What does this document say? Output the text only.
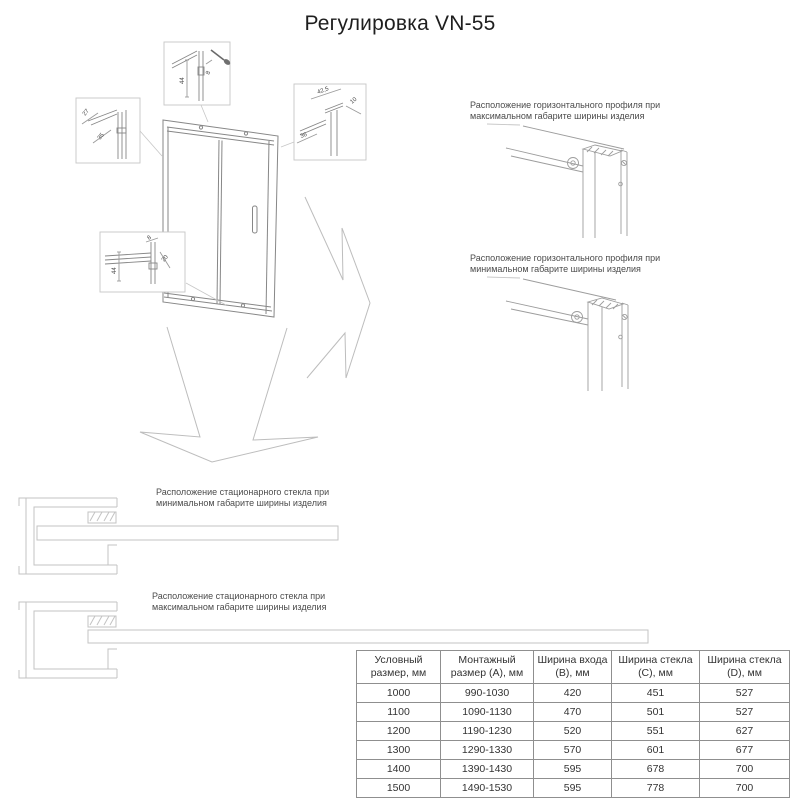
Регулировка VN-55
44
8
27
35
8
44
20
42,5
10
36
Расположение горизонтального профиля при максимальном габарите ширины изделия
Расположение горизонтального профиля при минимальном габарите ширины изделия
Расположение стационарного стекла при минимальном габарите ширины изделия
Расположение стационарного стекла при максимальном габарите ширины изделия
Условный размер, мм	Монтажный размер (A), мм	Ширина входа (B), мм	Ширина стекла (C), мм	Ширина стекла (D), мм
1000	990-1030	420	451	527
1100	1090-1130	470	501	527
1200	1190-1230	520	551	627
1300	1290-1330	570	601	677
1400	1390-1430	595	678	700
1500	1490-1530	595	778	700
